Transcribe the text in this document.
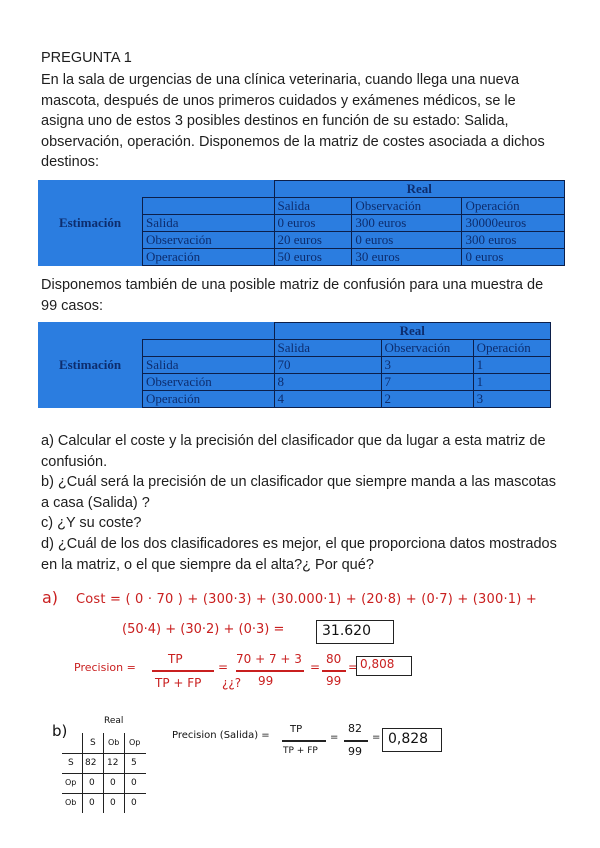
PREGUNTA 1
En la sala de urgencias de una clínica veterinaria, cuando llega una nueva mascota, después de unos primeros cuidados y exámenes médicos, se le asigna uno de estos 3 posibles destinos en función de su estado: Salida, observación, operación. Disponemos de la matriz de costes asociada a dichos destinos:
Estimación		Real		
		Salida	Observación	Operación
	Salida	0 euros	300 euros	30000euros
	Observación	20 euros	0 euros	300 euros
	Operación	50 euros	30 euros	0 euros
Disponemos también de una posible matriz de confusión para una muestra de 99 casos:
Estimación		Real		
		Salida	Observación	Operación
	Salida	70	3	1
	Observación	8	7	1
	Operación	4	2	3
a) Calcular el coste y la precisión del clasificador que da lugar a esta matriz de confusión.
b) ¿Cuál será la precisión de un clasificador que siempre manda a las mascotas a casa (Salida) ?
c) ¿Y su coste?
d) ¿Cuál de los dos clasificadores es mejor, el que proporciona datos mostrados en la matriz, o el que siempre da el alta?¿ Por qué?
a) Cost = ( 0 · 70 ) + (300·3) + (30.000·1) + (20·8) + (0·7) + (300·1) +
(50·4) + (30·2) + (0·3) =	31.620
Precision =
TP
TP + FP ¿¿?
=
70 + 7 + 3
99
=
80
99
= 0,808
b)
Real
S Ob Op
S 82 12 5
Op 0 0 0
Ob 0 0 0
Precision (Salida) =
TP
TP + FP
=
82
99
= 0,828
